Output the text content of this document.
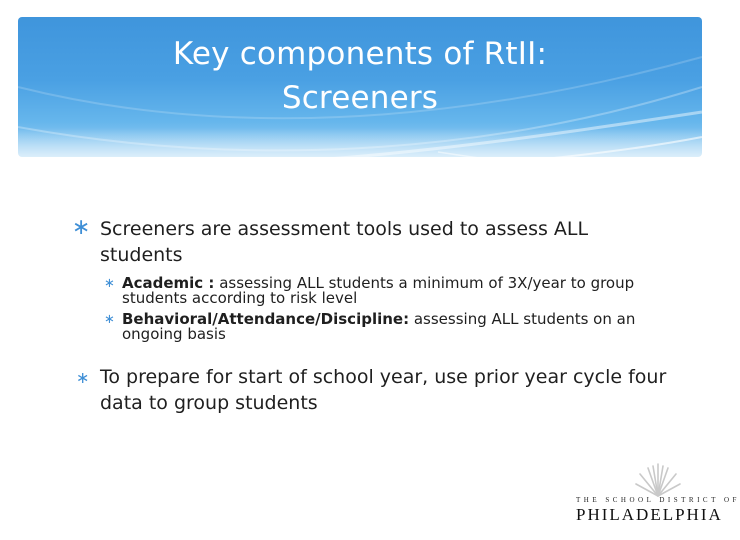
Key components of RtII:
Screeners
∗ Screeners are assessment tools used to assess ALL students
∗ Academic : assessing ALL students a minimum of 3X/year to group students according to risk level
∗ Behavioral/Attendance/Discipline: assessing ALL students on an ongoing basis
∗ To prepare for start of school year, use prior year cycle four data to group students
THE SCHOOL DISTRICT OF
PHILADELPHIA
